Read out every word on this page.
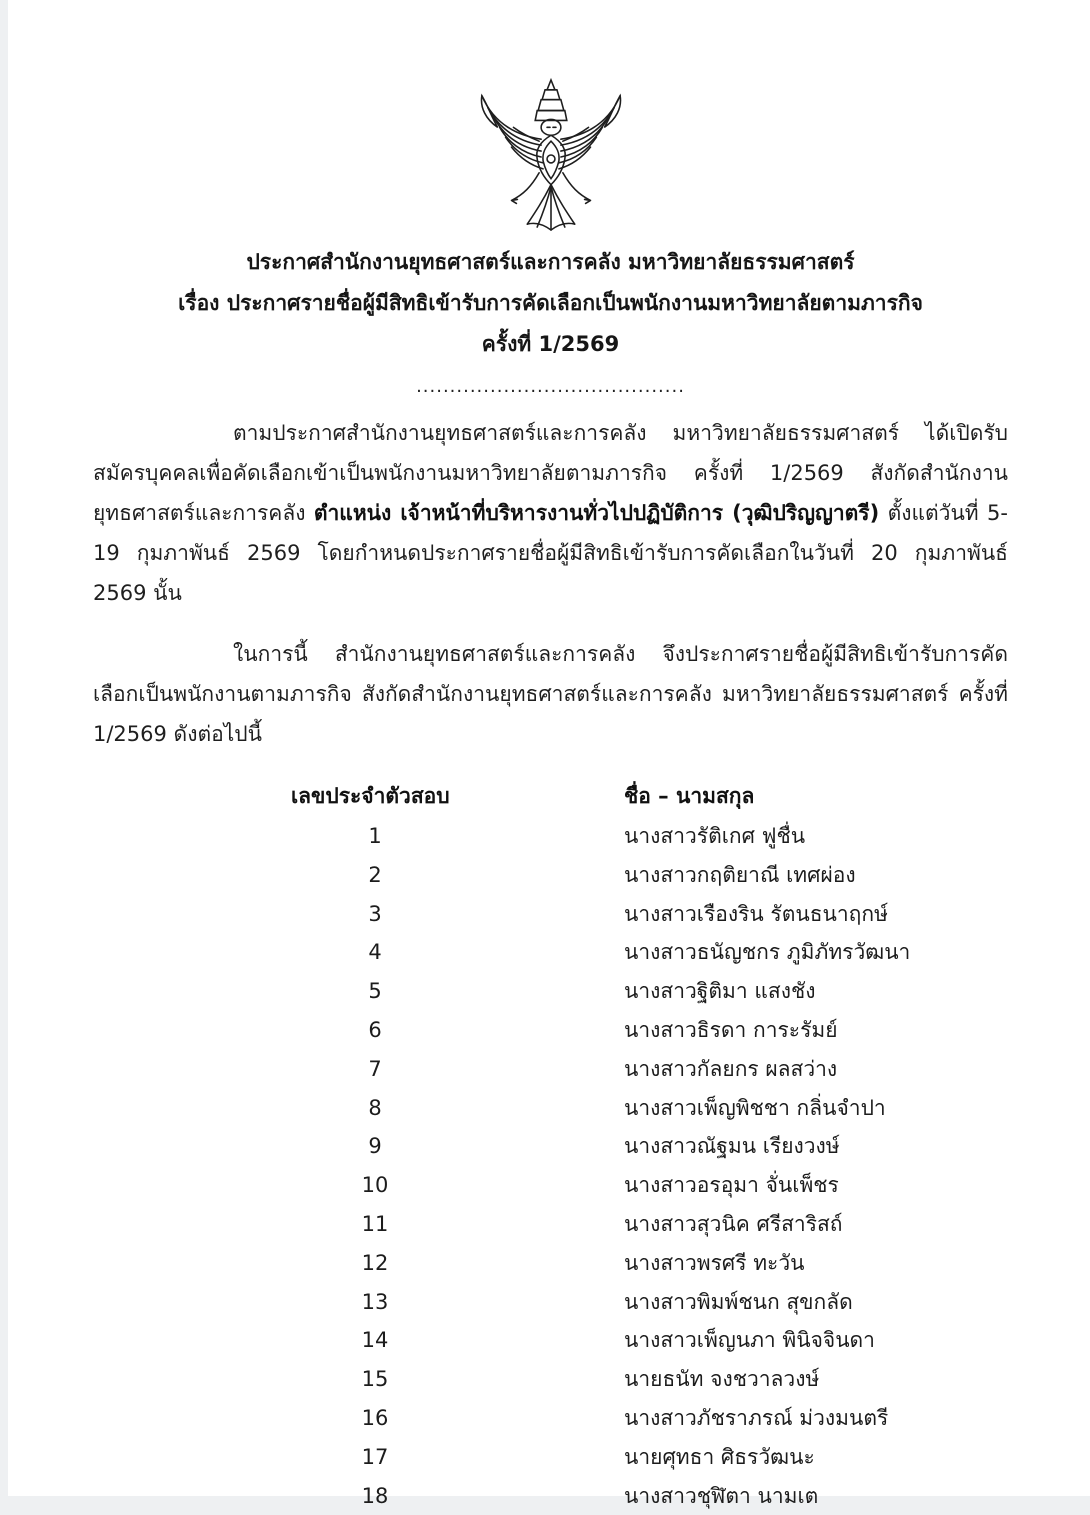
ประกาศสำนักงานยุทธศาสตร์และการคลัง มหาวิทยาลัยธรรมศาสตร์
เรื่อง ประกาศรายชื่อผู้มีสิทธิเข้ารับการคัดเลือกเป็นพนักงานมหาวิทยาลัยตามภารกิจ
ครั้งที่ 1/2569
........................................

ตามประกาศสำนักงานยุทธศาสตร์และการคลัง มหาวิทยาลัยธรรมศาสตร์ ได้เปิดรับสมัครบุคคลเพื่อคัดเลือกเข้าเป็นพนักงานมหาวิทยาลัยตามภารกิจ ครั้งที่ 1/2569 สังกัดสำนักงานยุทธศาสตร์และการคลัง ตำแหน่ง เจ้าหน้าที่บริหารงานทั่วไปปฏิบัติการ (วุฒิปริญญาตรี) ตั้งแต่วันที่ 5-19 กุมภาพันธ์ 2569 โดยกำหนดประกาศรายชื่อผู้มีสิทธิเข้ารับการคัดเลือกในวันที่ 20 กุมภาพันธ์ 2569 นั้น

ในการนี้ สำนักงานยุทธศาสตร์และการคลัง จึงประกาศรายชื่อผู้มีสิทธิเข้ารับการคัดเลือกเป็นพนักงานตามภารกิจ สังกัดสำนักงานยุทธศาสตร์และการคลัง มหาวิทยาลัยธรรมศาสตร์ ครั้งที่ 1/2569 ดังต่อไปนี้

เลขประจำตัวสอบ	ชื่อ – นามสกุล
1	นางสาวรัติเกศ ฟูชื่น
2	นางสาวกฤติยาณี เทศผ่อง
3	นางสาวเรืองริน รัตนธนาฤกษ์
4	นางสาวธนัญชกร ภูมิภัทรวัฒนา
5	นางสาวฐิติมา แสงชัง
6	นางสาวธิรดา การะรัมย์
7	นางสาวกัลยกร ผลสว่าง
8	นางสาวเพ็ญพิชชา กลิ่นจำปา
9	นางสาวณัฐมน เรียงวงษ์
10	นางสาวอรอุมา จั่นเพ็ชร
11	นางสาวสุวนิค ศรีสาริสถ์
12	นางสาวพรศรี ทะวัน
13	นางสาวพิมพ์ชนก สุขกลัด
14	นางสาวเพ็ญนภา พินิจจินดา
15	นายธนัท จงชวาลวงษ์
16	นางสาวภัชราภรณ์ ม่วงมนตรี
17	นายศุทธา ศิธรวัฒนะ
18	นางสาวชุฬิตา นามเต
